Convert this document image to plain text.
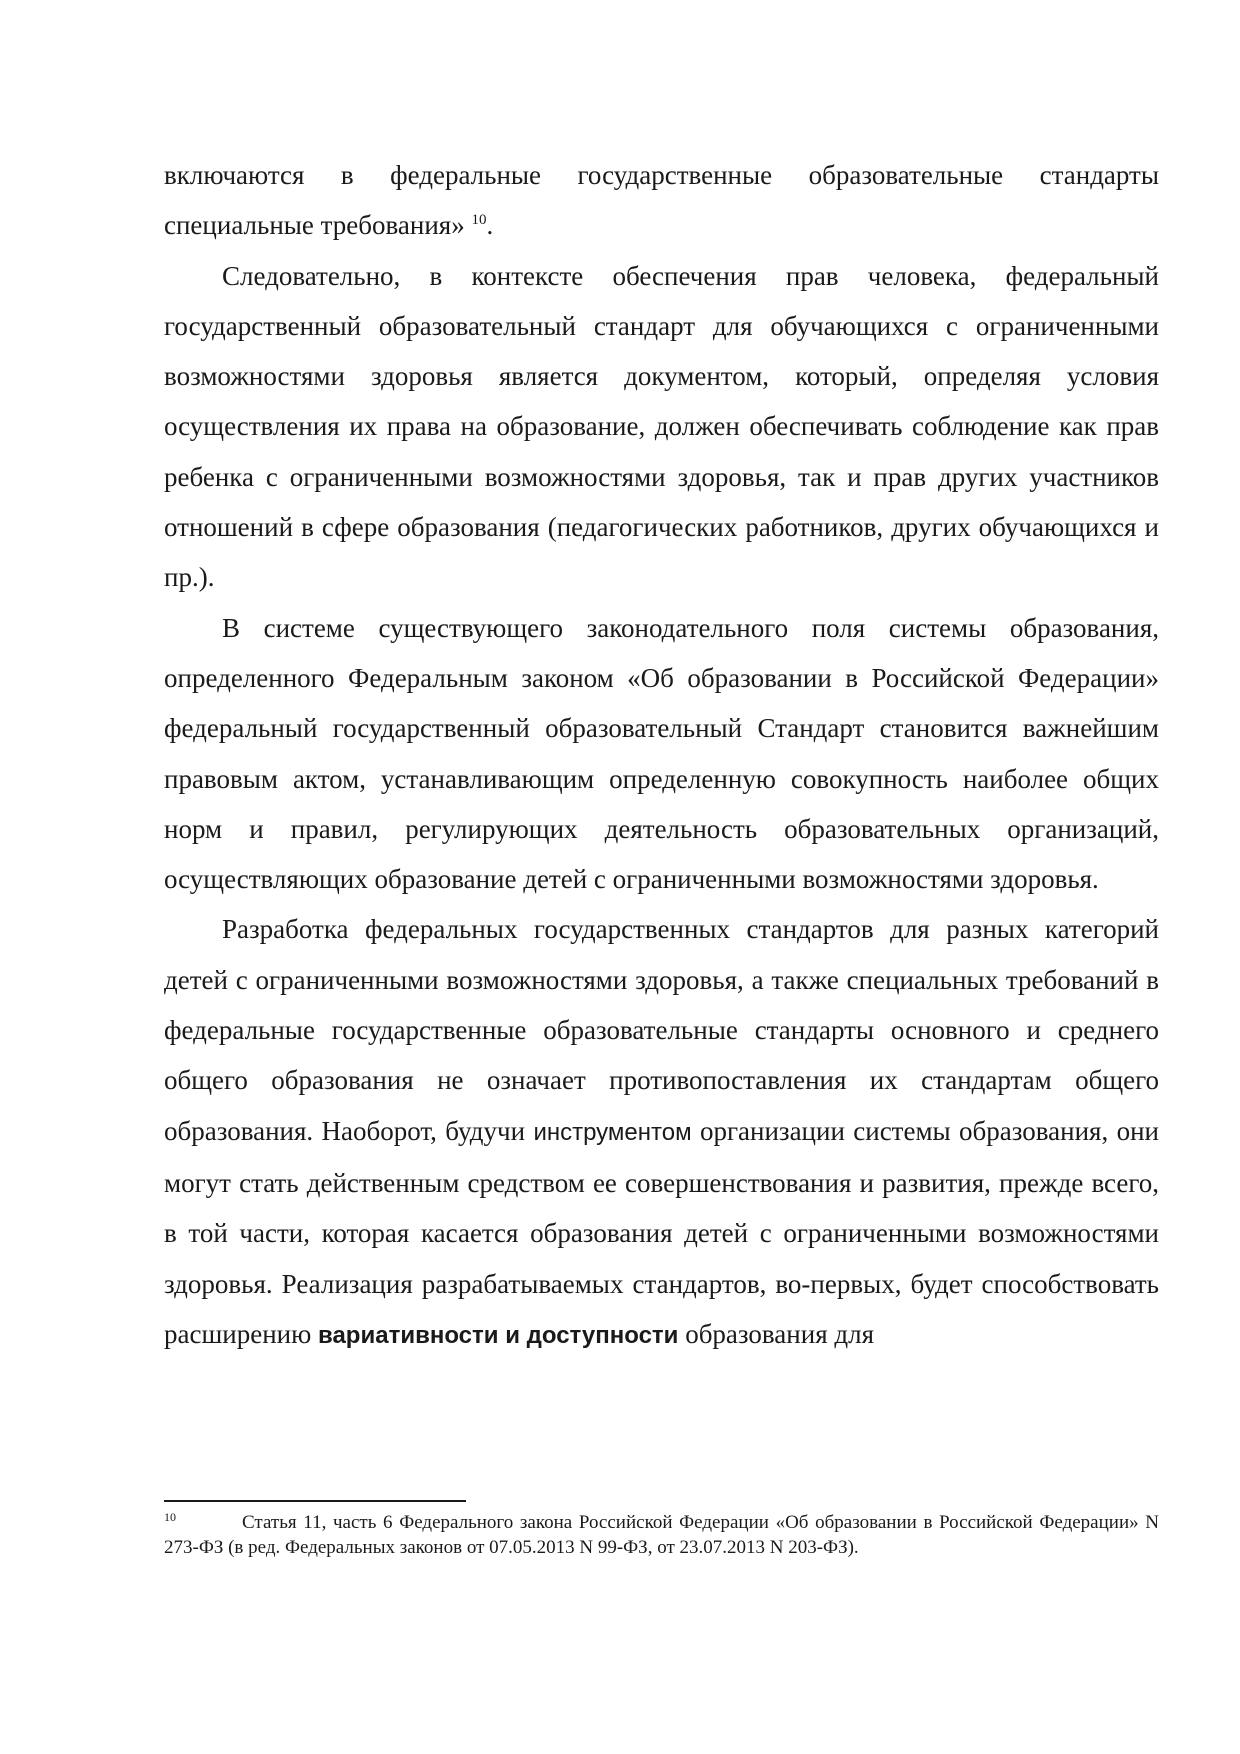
включаются в федеральные государственные образовательные стандарты специальные требования» $^{10}$.

Следовательно, в контексте обеспечения прав человека, федеральный государственный образовательный стандарт для обучающихся с ограниченными возможностями здоровья является документом, который, определяя условия осуществления их права на образование, должен обеспечивать соблюдение как прав ребенка с ограниченными возможностями здоровья, так и прав других участников отношений в сфере образования (педагогических работников, других обучающихся и пр.).

В системе существующего законодательного поля системы образования, определенного Федеральным законом «Об образовании в Российской Федерации» федеральный государственный образовательный Стандарт становится важнейшим правовым актом, устанавливающим определенную совокупность наиболее общих норм и правил, регулирующих деятельность образовательных организаций, осуществляющих образование детей с ограниченными возможностями здоровья.

Разработка федеральных государственных стандартов для разных категорий детей с ограниченными возможностями здоровья, а также специальных требований в федеральные государственные образовательные стандарты основного и среднего общего образования не означает противопоставления их стандартам общего образования. Наоборот, будучи инструментом организации системы образования, они могут стать действенным средством ее совершенствования и развития, прежде всего, в той части, которая касается образования детей с ограниченными возможностями здоровья. Реализация разрабатываемых стандартов, во-первых, будет способствовать расширению вариативности и доступности образования для

10	Статья 11, часть 6 Федерального закона Российской Федерации «Об образовании в Российской Федерации» N 273-ФЗ (в ред. Федеральных законов от 07.05.2013 N 99-ФЗ, от 23.07.2013 N 203-ФЗ).
